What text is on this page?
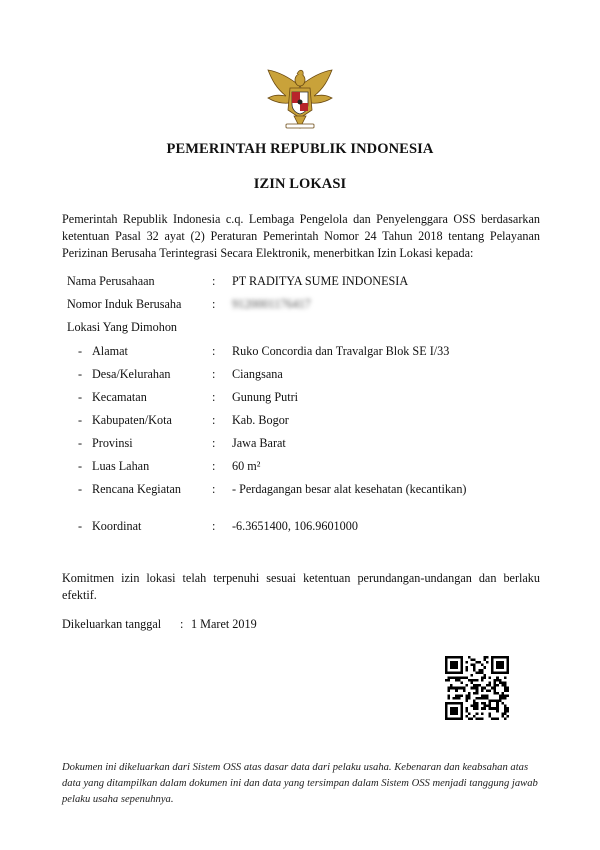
PEMERINTAH REPUBLIK INDONESIA
IZIN LOKASI
Pemerintah Republik Indonesia c.q. Lembaga Pengelola dan Penyelenggara OSS berdasarkan ketentuan Pasal 32 ayat (2) Peraturan Pemerintah Nomor 24 Tahun 2018 tentang Pelayanan Perizinan Berusaha Terintegrasi Secara Elektronik, menerbitkan Izin Lokasi kepada:
Nama Perusahaan	: PT RADITYA SUME INDONESIA
Nomor Induk Berusaha	: 9120001176417
Lokasi Yang Dimohon
- Alamat	: Ruko Concordia dan Travalgar Blok SE I/33
- Desa/Kelurahan	: Ciangsana
- Kecamatan	: Gunung Putri
- Kabupaten/Kota	: Kab. Bogor
- Provinsi	: Jawa Barat
- Luas Lahan	: 60 m²
- Rencana Kegiatan	: - Perdagangan besar alat kesehatan (kecantikan)
- Koordinat	: -6.3651400, 106.9601000
Komitmen izin lokasi telah terpenuhi sesuai ketentuan perundangan-undangan dan berlaku efektif.
Dikeluarkan tanggal : 1 Maret 2019
Dokumen ini dikeluarkan dari Sistem OSS atas dasar data dari pelaku usaha. Kebenaran dan keabsahan atas data yang ditampilkan dalam dokumen ini dan data yang tersimpan dalam Sistem OSS menjadi tanggung jawab pelaku usaha sepenuhnya.
